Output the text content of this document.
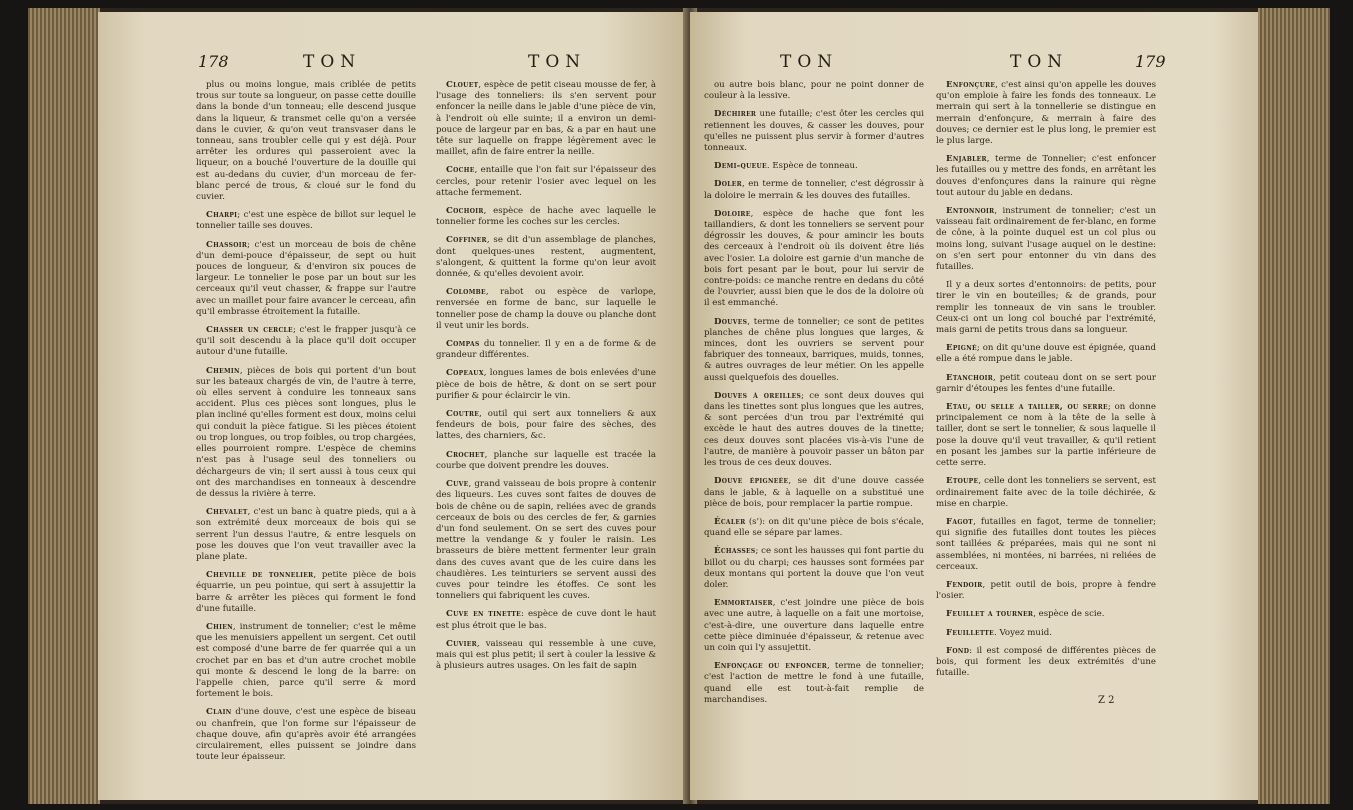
178	TON	TON

plus ou moins longue, mais criblée de petits trous sur toute sa longueur, on passe cette douille dans la bonde d'un tonneau; elle descend jusque dans la liqueur, & transmet celle qu'on a versée dans le cuvier, & qu'on veut transvaser dans le tonneau, sans troubler celle qui y est déjà. Pour arrêter les ordures qui passeroient avec la liqueur, on a bouché l'ouverture de la douille qui est au-dedans du cuvier, d'un morceau de fer-blanc percé de trous, & cloué sur le fond du cuvier.

Charpi; c'est une espèce de billot sur lequel le tonnelier taille ses douves.

Chassoir; c'est un morceau de bois de chêne d'un demi-pouce d'épaisseur, de sept ou huit pouces de longueur, & d'environ six pouces de largeur. Le tonnelier le pose par un bout sur les cerceaux qu'il veut chasser, & frappe sur l'autre avec un maillet pour faire avancer le cerceau, afin qu'il embrasse étroitement la futaille.

Chasser un cercle; c'est le frapper jusqu'à ce qu'il soit descendu à la place qu'il doit occuper autour d'une futaille.

Chemin, pièces de bois qui portent d'un bout sur les bateaux chargés de vin, de l'autre à terre, où elles servent à conduire les tonneaux sans accident. Plus ces pièces sont longues, plus le plan incliné qu'elles forment est doux, moins celui qui conduit la pièce fatigue. Si les pièces étoient ou trop longues, ou trop foibles, ou trop chargées, elles pourroient rompre. L'espèce de chemins n'est pas à l'usage seul des tonneliers ou déchargeurs de vin; il sert aussi à tous ceux qui ont des marchandises en tonneaux à descendre de dessus la rivière à terre.

Chevalet, c'est un banc à quatre pieds, qui a à son extrémité deux morceaux de bois qui se serrent l'un dessus l'autre, & entre lesquels on pose les douves que l'on veut travailler avec la plane plate.

Cheville de tonnelier, petite pièce de bois équarrie, un peu pointue, qui sert à assujettir la barre & arrêter les pièces qui forment le fond d'une futaille.

Chien, instrument de tonnelier; c'est le même que les menuisiers appellent un sergent. Cet outil est composé d'une barre de fer quarrée qui a un crochet par en bas et d'un autre crochet mobile qui monte & descend le long de la barre: on l'appelle chien, parce qu'il serre & mord fortement le bois.

Clain d'une douve, c'est une espèce de biseau ou chanfrein, que l'on forme sur l'épaisseur de chaque douve, afin qu'après avoir été arrangées circulairement, elles puissent se joindre dans toute leur épaisseur.

Clouet, espèce de petit ciseau mousse de fer, à l'usage des tonneliers: ils s'en servent pour enfoncer la neille dans le jable d'une pièce de vin, à l'endroit où elle suinte; il a environ un demi-pouce de largeur par en bas, & a par en haut une tête sur laquelle on frappe légèrement avec le maillet, afin de faire entrer la neille.

Coche, entaille que l'on fait sur l'épaisseur des cercles, pour retenir l'osier avec lequel on les attache fermement.

Cochoir, espèce de hache avec laquelle le tonnelier forme les coches sur les cercles.

Coffiner, se dit d'un assemblage de planches, dont quelques-unes restent, augmentent, s'alongent, & quittent la forme qu'on leur avoit donnée, & qu'elles devoient avoir.

Colombe, rabot ou espèce de varlope, renversée en forme de banc, sur laquelle le tonnelier pose de champ la douve ou planche dont il veut unir les bords.

Compas du tonnelier. Il y en a de forme & de grandeur différentes.

Copeaux, longues lames de bois enlevées d'une pièce de bois de hêtre, & dont on se sert pour purifier & pour éclaircir le vin.

Coutre, outil qui sert aux tonneliers & aux fendeurs de bois, pour faire des sèches, des lattes, des charniers, &c.

Crochet, planche sur laquelle est tracée la courbe que doivent prendre les douves.

Cuve, grand vaisseau de bois propre à contenir des liqueurs. Les cuves sont faites de douves de bois de chêne ou de sapin, reliées avec de grands cerceaux de bois ou des cercles de fer, & garnies d'un fond seulement. On se sert des cuves pour mettre la vendange & y fouler le raisin. Les brasseurs de bière mettent fermenter leur grain dans des cuves avant que de les cuire dans les chaudières. Les teinturiers se servent aussi des cuves pour teindre les étoffes. Ce sont les tonneliers qui fabriquent les cuves.

Cuve en tinette: espèce de cuve dont le haut est plus étroit que le bas.

Cuvier, vaisseau qui ressemble à une cuve, mais qui est plus petit; il sert à couler la lessive & à plusieurs autres usages. On les fait de sapin

TON	TON	179

ou autre bois blanc, pour ne point donner de couleur à la lessive.

Déchirer une futaille; c'est ôter les cercles qui retiennent les douves, & casser les douves, pour qu'elles ne puissent plus servir à former d'autres tonneaux.

Demi-queue. Espèce de tonneau.

Doler, en terme de tonnelier, c'est dégrossir à la doloire le merrain & les douves des futailles.

Doloire, espèce de hache que font les taillandiers, & dont les tonneliers se servent pour dégrossir les douves, & pour amincir les bouts des cerceaux à l'endroit où ils doivent être liés avec l'osier. La doloire est garnie d'un manche de bois fort pesant par le bout, pour lui servir de contre-poids: ce manche rentre en dedans du côté de l'ouvrier, aussi bien que le dos de la doloire où il est emmanché.

Douves, terme de tonnelier; ce sont de petites planches de chêne plus longues que larges, & minces, dont les ouvriers se servent pour fabriquer des tonneaux, barriques, muids, tonnes, & autres ouvrages de leur métier. On les appelle aussi quelquefois des douelles.

Douves à oreilles; ce sont deux douves qui dans les tinettes sont plus longues que les autres, & sont percées d'un trou par l'extrémité qui excède le haut des autres douves de la tinette; ces deux douves sont placées vis-à-vis l'une de l'autre, de manière à pouvoir passer un bâton par les trous de ces deux douves.

Douve épigneée, se dit d'une douve cassée dans le jable, & à laquelle on a substitué une pièce de bois, pour remplacer la partie rompue.

Écaler (s'): on dit qu'une pièce de bois s'écale, quand elle se sépare par lames.

Échasses; ce sont les hausses qui font partie du billot ou du charpi; ces hausses sont formées par deux montans qui portent la douve que l'on veut doler.

Emmortaiser, c'est joindre une pièce de bois avec une autre, à laquelle on a fait une mortoise, c'est-à-dire, une ouverture dans laquelle entre cette pièce diminuée d'épaisseur, & retenue avec un coin qui l'y assujettit.

Enfonçage ou enfoncer, terme de tonnelier; c'est l'action de mettre le fond à une futaille, quand elle est tout-à-fait remplie de marchandises.

Enfonçure, c'est ainsi qu'on appelle les douves qu'on emploie à faire les fonds des tonneaux. Le merrain qui sert à la tonnellerie se distingue en merrain d'enfonçure, & merrain à faire des douves; ce dernier est le plus long, le premier est le plus large.

Enjabler, terme de Tonnelier; c'est enfoncer les futailles ou y mettre des fonds, en arrêtant les douves d'enfonçures dans la rainure qui règne tout autour du jable en dedans.

Entonnoir, instrument de tonnelier; c'est un vaisseau fait ordinairement de fer-blanc, en forme de cône, à la pointe duquel est un col plus ou moins long, suivant l'usage auquel on le destine: on s'en sert pour entonner du vin dans des futailles.

Il y a deux sortes d'entonnoirs: de petits, pour tirer le vin en bouteilles; & de grands, pour remplir les tonneaux de vin sans le troubler. Ceux-ci ont un long col bouché par l'extrémité, mais garni de petits trous dans sa longueur.

Epigné; on dit qu'une douve est épignée, quand elle a été rompue dans le jable.

Etanchoir, petit couteau dont on se sert pour garnir d'étoupes les fentes d'une futaille.

Etau, ou selle a tailler, ou serre; on donne principalement ce nom à la tête de la selle à tailler, dont se sert le tonnelier, & sous laquelle il pose la douve qu'il veut travailler, & qu'il retient en posant les jambes sur la partie inférieure de cette serre.

Etoupe, celle dont les tonneliers se servent, est ordinairement faite avec de la toile déchirée, & mise en charpie.

Fagot, futailles en fagot, terme de tonnelier; qui signifie des futailles dont toutes les pièces sont taillées & préparées, mais qui ne sont ni assemblées, ni montées, ni barrées, ni reliées de cerceaux.

Fendoir, petit outil de bois, propre à fendre l'osier.

Feuillet a tourner, espèce de scie.

Feuillette. Voyez muid.

Fond: il est composé de différentes pièces de bois, qui forment les deux extrémités d'une futaille.

Z 2
